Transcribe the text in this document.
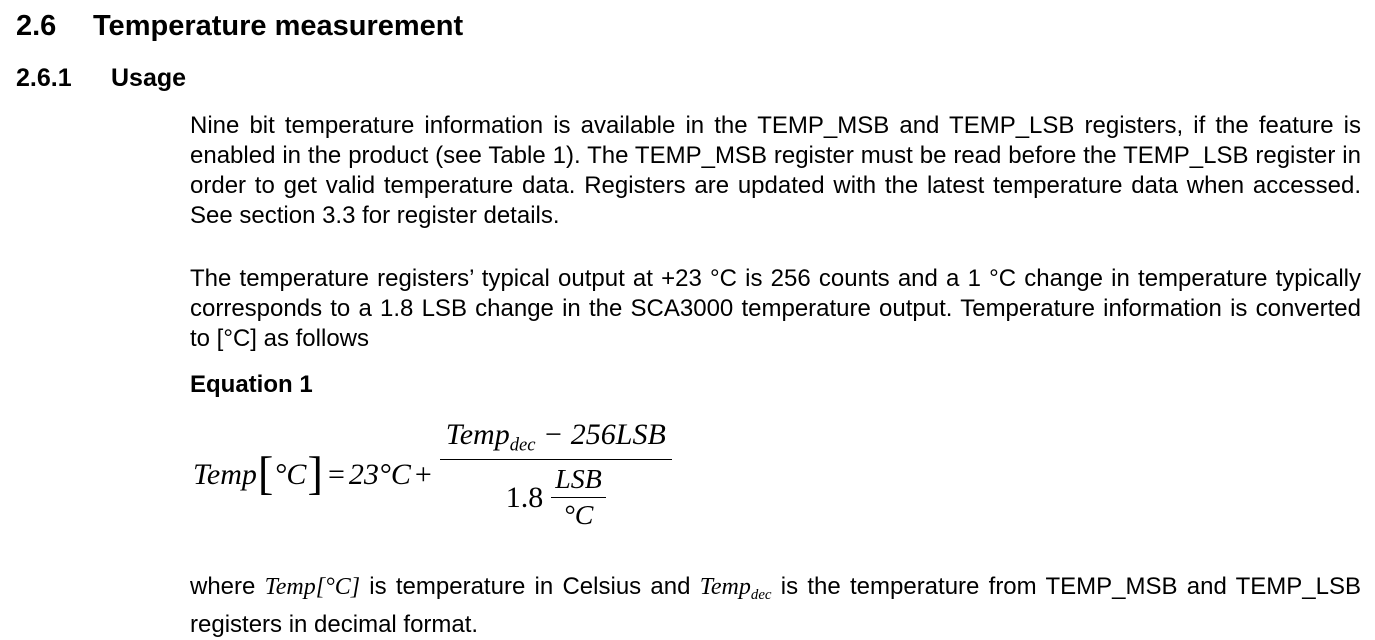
2.6 Temperature measurement
2.6.1 Usage

Nine bit temperature information is available in the TEMP_MSB and TEMP_LSB registers, if the feature is enabled in the product (see Table 1). The TEMP_MSB register must be read before the TEMP_LSB register in order to get valid temperature data. Registers are updated with the latest temperature data when accessed. See section 3.3 for register details.

The temperature registers’ typical output at +23 °C is 256 counts and a 1 °C change in temperature typically corresponds to a 1.8 LSB change in the SCA3000 temperature output. Temperature information is converted to [°C] as follows

Equation 1
Temp [ °C ] = 23°C + Temp$_{dec}$ − 256LSB
1.8
LSB
°C

where Temp[°C] is temperature in Celsius and Temp$_{dec}$ is the temperature from TEMP_MSB and TEMP_LSB registers in decimal format.
